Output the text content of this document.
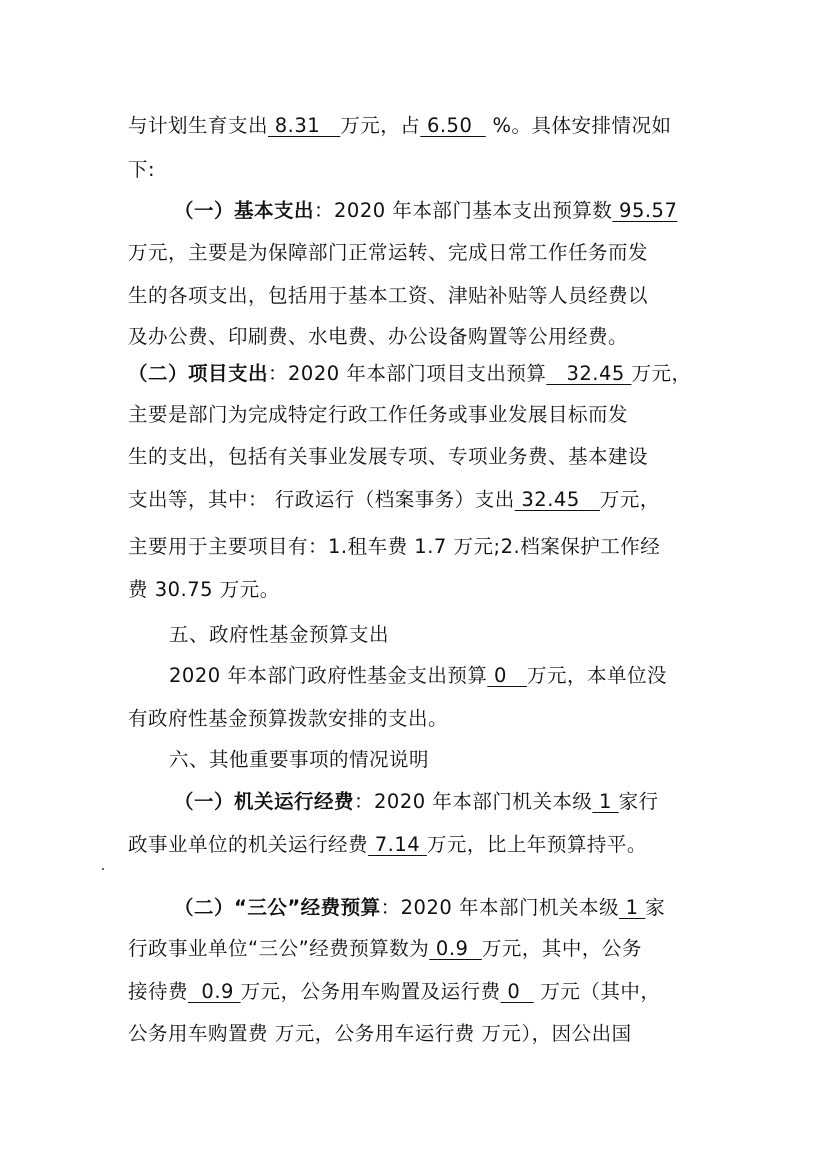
与计划生育支出 8.31   万元，占 6.50   %。具体安排情况如
下:
（一）基本支出：2020 年本部门基本支出预算数 95.57
万元，主要是为保障部门正常运转、完成日常工作任务而发
生的各项支出，包括用于基本工资、津贴补贴等人员经费以
及办公费、印刷费、水电费、办公设备购置等公用经费。
（二）项目支出：2020 年本部门项目支出预算   32.45 万元，
主要是部门为完成特定行政工作任务或事业发展目标而发
生的支出，包括有关事业发展专项、专项业务费、基本建设
支出等，其中： 行政运行（档案事务）支出 32.45   万元，
主要用于主要项目有：1.租车费 1.7 万元;2.档案保护工作经
费 30.75 万元。
五、政府性基金预算支出
2020 年本部门政府性基金支出预算 0   万元，本单位没
有政府性基金预算拨款安排的支出。
六、其他重要事项的情况说明
（一）机关运行经费：2020 年本部门机关本级 1 家行
政事业单位的机关运行经费 7.14 万元，比上年预算持平。
（二）“三公”经费预算：2020 年本部门机关本级 1 家
行政事业单位“三公”经费预算数为 0.9  万元，其中，公务
接待费  0.9 万元，公务用车购置及运行费 0   万元（其中，
公务用车购置费 万元，公务用车运行费 万元），因公出国
